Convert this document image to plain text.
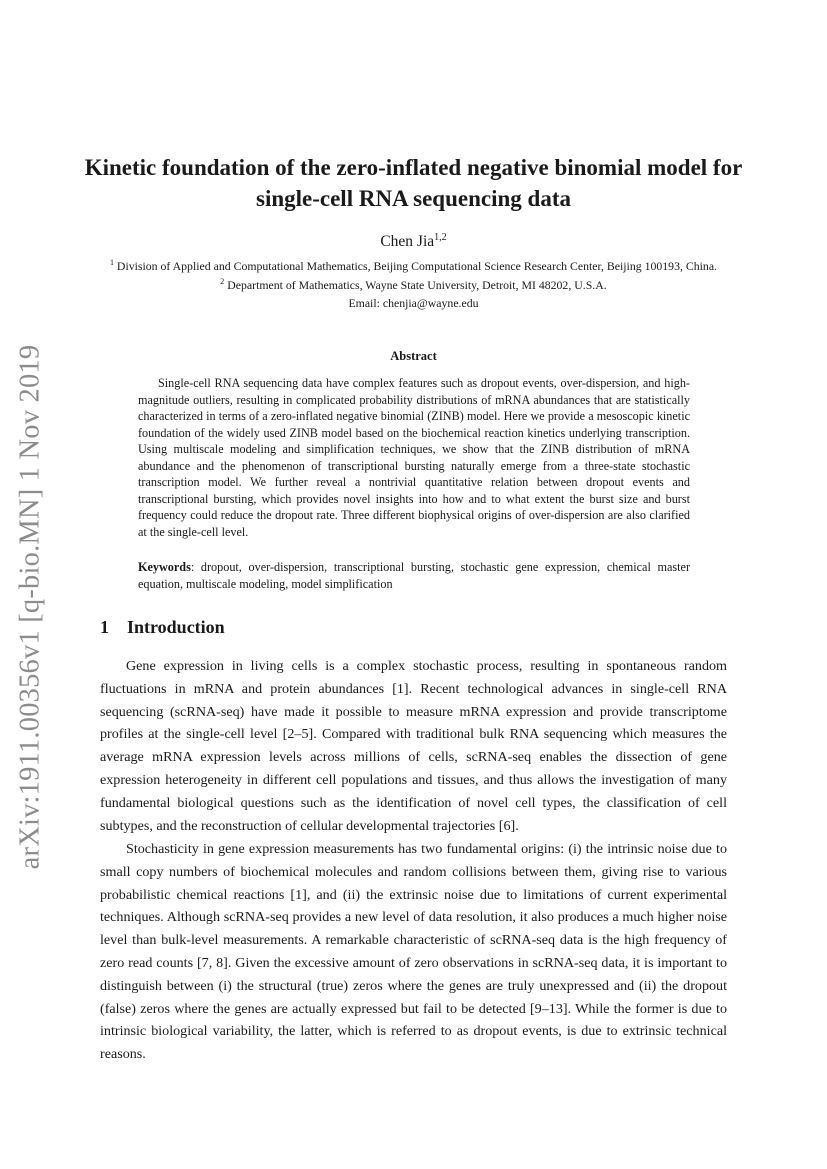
arXiv:1911.00356v1 [q-bio.MN] 1 Nov 2019
Kinetic foundation of the zero-inflated negative binomial model for single-cell RNA sequencing data
Chen Jia$^{1,2}$
$^1$ Division of Applied and Computational Mathematics, Beijing Computational Science Research Center, Beijing 100193, China.
$^2$ Department of Mathematics, Wayne State University, Detroit, MI 48202, U.S.A.
Email: chenjia@wayne.edu
Abstract

Single-cell RNA sequencing data have complex features such as dropout events, over-dispersion, and high-magnitude outliers, resulting in complicated probability distributions of mRNA abundances that are statistically characterized in terms of a zero-inflated negative binomial (ZINB) model. Here we provide a mesoscopic kinetic foundation of the widely used ZINB model based on the biochemical reaction kinetics underlying transcription. Using multiscale modeling and simplification techniques, we show that the ZINB distribution of mRNA abundance and the phenomenon of transcriptional bursting naturally emerge from a three-state stochastic transcription model. We further reveal a nontrivial quantitative relation between dropout events and transcriptional bursting, which provides novel insights into how and to what extent the burst size and burst frequency could reduce the dropout rate. Three different biophysical origins of over-dispersion are also clarified at the single-cell level.

Keywords: dropout, over-dispersion, transcriptional bursting, stochastic gene expression, chemical master equation, multiscale modeling, model simplification

1 Introduction

Gene expression in living cells is a complex stochastic process, resulting in spontaneous random fluctuations in mRNA and protein abundances [1]. Recent technological advances in single-cell RNA sequencing (scRNA-seq) have made it possible to measure mRNA expression and provide transcriptome profiles at the single-cell level [2–5]. Compared with traditional bulk RNA sequencing which measures the average mRNA expression levels across millions of cells, scRNA-seq enables the dissection of gene expression heterogeneity in different cell populations and tissues, and thus allows the investigation of many fundamental biological questions such as the identification of novel cell types, the classification of cell subtypes, and the reconstruction of cellular developmental trajectories [6].

Stochasticity in gene expression measurements has two fundamental origins: (i) the intrinsic noise due to small copy numbers of biochemical molecules and random collisions between them, giving rise to various probabilistic chemical reactions [1], and (ii) the extrinsic noise due to limitations of current experimental techniques. Although scRNA-seq provides a new level of data resolution, it also produces a much higher noise level than bulk-level measurements. A remarkable characteristic of scRNA-seq data is the high frequency of zero read counts [7, 8]. Given the excessive amount of zero observations in scRNA-seq data, it is important to distinguish between (i) the structural (true) zeros where the genes are truly unexpressed and (ii) the dropout (false) zeros where the genes are actually expressed but fail to be detected [9–13]. While the former is due to intrinsic biological variability, the latter, which is referred to as dropout events, is due to extrinsic technical reasons.
